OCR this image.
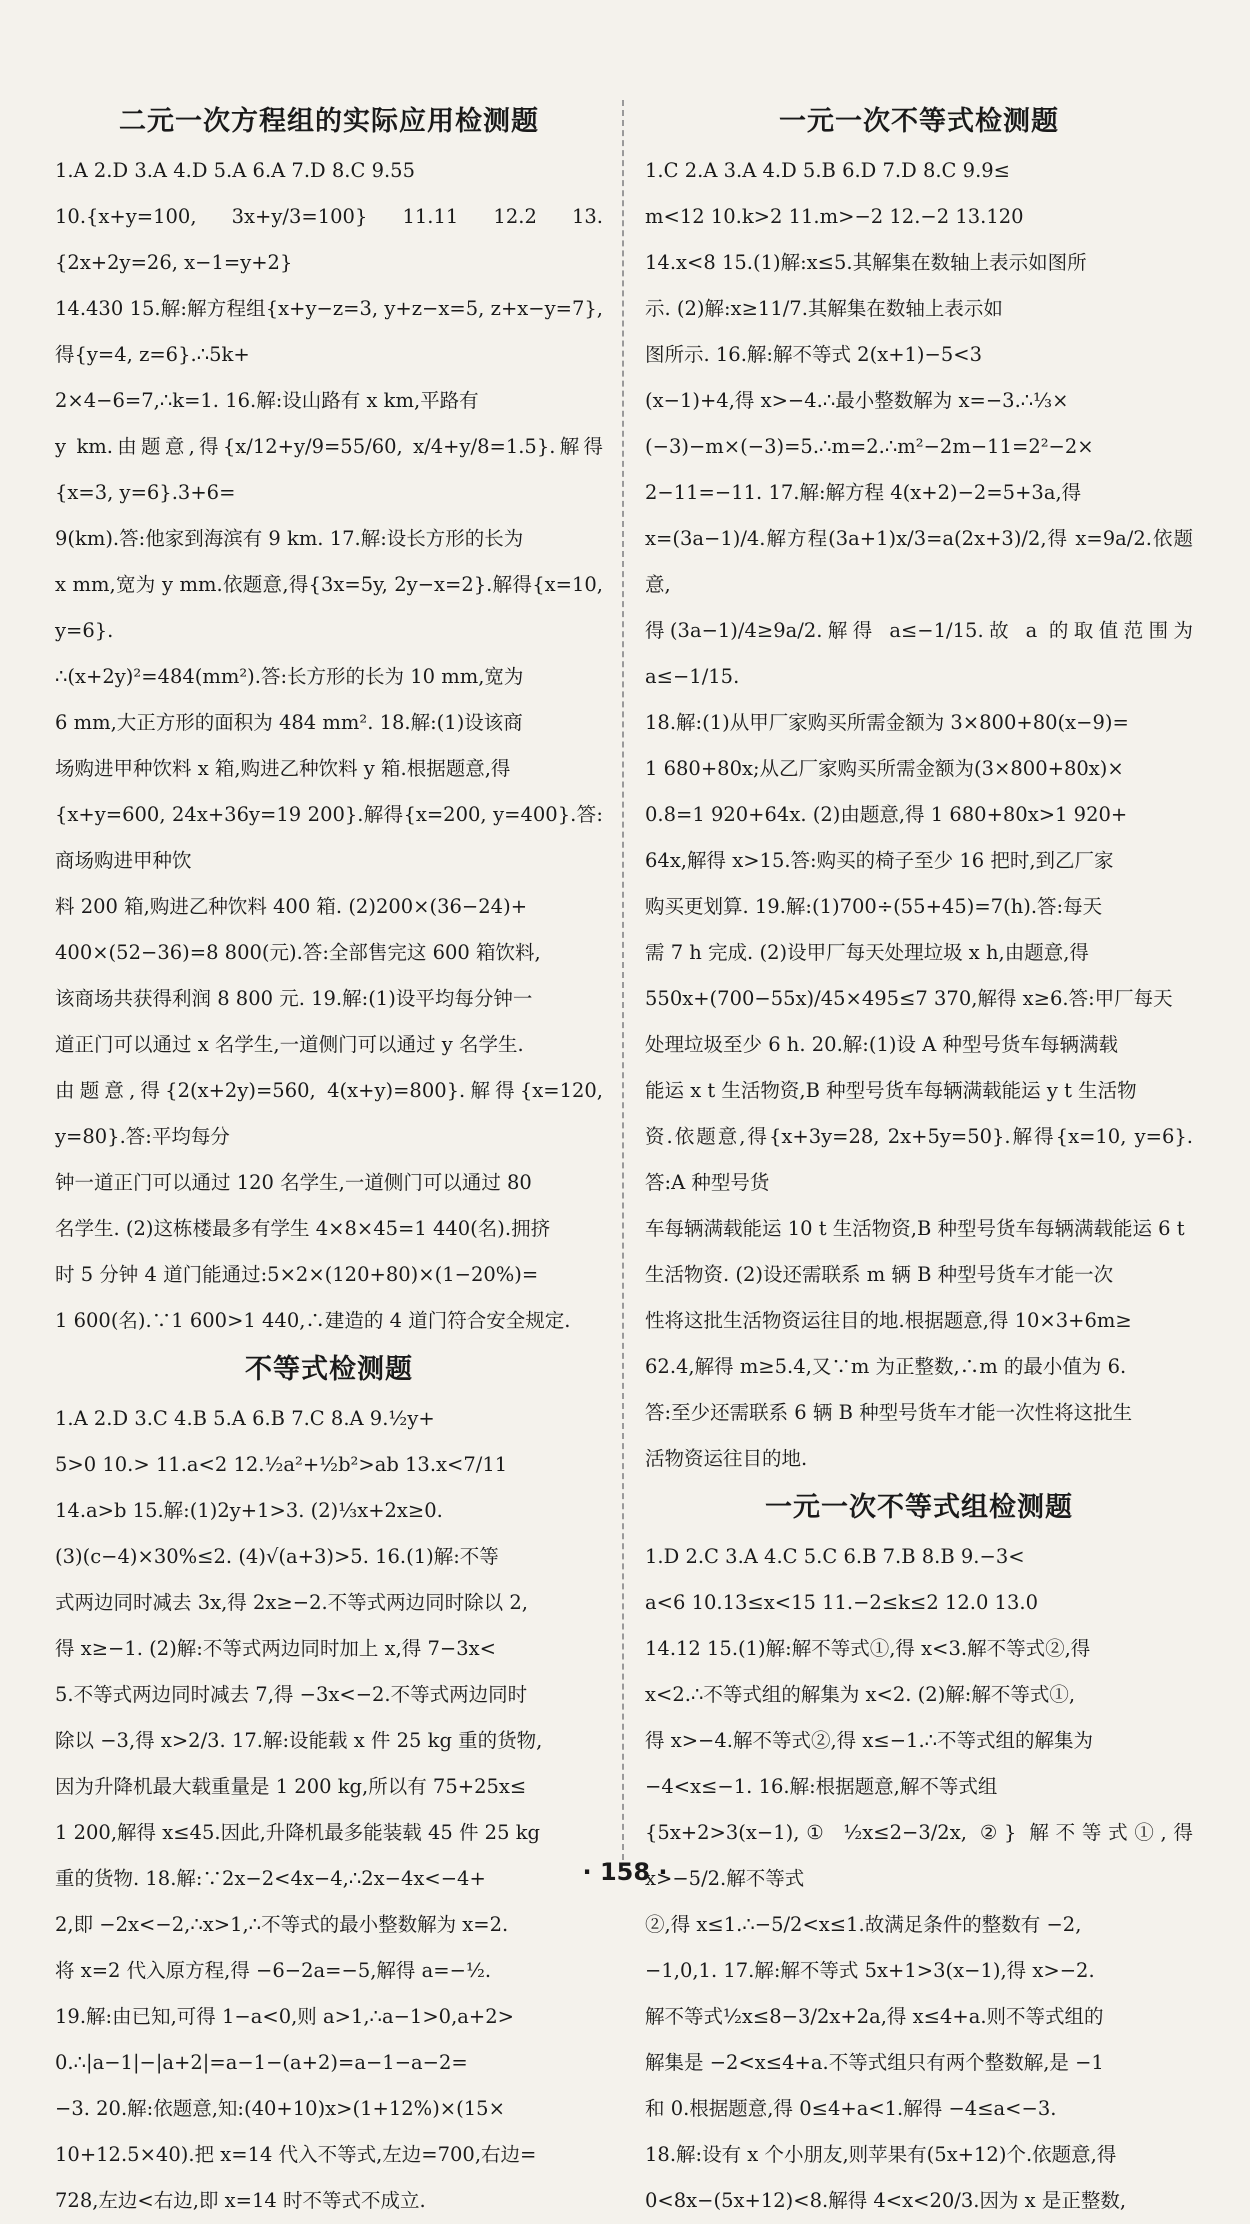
二元一次方程组的实际应用检测题

1.A 2.D 3.A 4.D 5.A 6.A 7.D 8.C 9.55

10.{x+y=100, 3x+y/3=100} 11.11 12.2 13.{2x+2y=26, x−1=y+2}

14.430 15.解:解方程组{x+y−z=3, y+z−x=5, z+x−y=7},得{y=4, z=6}.∴5k+

2×4−6=7,∴k=1. 16.解:设山路有 x km,平路有

y km.由题意,得{x/12+y/9=55/60, x/4+y/8=1.5}.解得{x=3, y=6}.3+6=

9(km).答:他家到海滨有 9 km. 17.解:设长方形的长为

x mm,宽为 y mm.依题意,得{3x=5y, 2y−x=2}.解得{x=10, y=6}.

∴(x+2y)²=484(mm²).答:长方形的长为 10 mm,宽为

6 mm,大正方形的面积为 484 mm². 18.解:(1)设该商

场购进甲种饮料 x 箱,购进乙种饮料 y 箱.根据题意,得

{x+y=600, 24x+36y=19 200}.解得{x=200, y=400}.答:商场购进甲种饮

料 200 箱,购进乙种饮料 400 箱. (2)200×(36−24)+

400×(52−36)=8 800(元).答:全部售完这 600 箱饮料,

该商场共获得利润 8 800 元. 19.解:(1)设平均每分钟一

道正门可以通过 x 名学生,一道侧门可以通过 y 名学生.

由题意,得{2(x+2y)=560, 4(x+y)=800}.解得{x=120, y=80}.答:平均每分

钟一道正门可以通过 120 名学生,一道侧门可以通过 80

名学生. (2)这栋楼最多有学生 4×8×45=1 440(名).拥挤

时 5 分钟 4 道门能通过:5×2×(120+80)×(1−20%)=

1 600(名).∵1 600>1 440,∴建造的 4 道门符合安全规定.

不等式检测题

1.A 2.D 3.C 4.B 5.A 6.B 7.C 8.A 9.½y+

5>0 10.> 11.a<2 12.½a²+½b²>ab 13.x<7/11

14.a>b 15.解:(1)2y+1>3. (2)⅓x+2x≥0.

(3)(c−4)×30%≤2. (4)√(a+3)>5. 16.(1)解:不等

式两边同时减去 3x,得 2x≥−2.不等式两边同时除以 2,

得 x≥−1. (2)解:不等式两边同时加上 x,得 7−3x<

5.不等式两边同时减去 7,得 −3x<−2.不等式两边同时

除以 −3,得 x>2/3. 17.解:设能载 x 件 25 kg 重的货物,

因为升降机最大载重量是 1 200 kg,所以有 75+25x≤

1 200,解得 x≤45.因此,升降机最多能装载 45 件 25 kg

重的货物. 18.解:∵2x−2<4x−4,∴2x−4x<−4+

2,即 −2x<−2,∴x>1,∴不等式的最小整数解为 x=2.

将 x=2 代入原方程,得 −6−2a=−5,解得 a=−½.

19.解:由已知,可得 1−a<0,则 a>1,∴a−1>0,a+2>

0.∴|a−1|−|a+2|=a−1−(a+2)=a−1−a−2=

−3. 20.解:依题意,知:(40+10)x>(1+12%)×(15×

10+12.5×40).把 x=14 代入不等式,左边=700,右边=

728,左边<右边,即 x=14 时不等式不成立.

一元一次不等式检测题

1.C 2.A 3.A 4.D 5.B 6.D 7.D 8.C 9.9≤

m<12 10.k>2 11.m>−2 12.−2 13.120

14.x<8 15.(1)解:x≤5.其解集在数轴上表示如图所

示. (2)解:x≥11/7.其解集在数轴上表示如

图所示. 16.解:解不等式 2(x+1)−5<3

(x−1)+4,得 x>−4.∴最小整数解为 x=−3.∴⅓×

(−3)−m×(−3)=5.∴m=2.∴m²−2m−11=2²−2×

2−11=−11. 17.解:解方程 4(x+2)−2=5+3a,得

x=(3a−1)/4.解方程(3a+1)x/3=a(2x+3)/2,得 x=9a/2.依题意,

得(3a−1)/4≥9a/2.解得 a≤−1/15.故 a 的取值范围为 a≤−1/15.

18.解:(1)从甲厂家购买所需金额为 3×800+80(x−9)=

1 680+80x;从乙厂家购买所需金额为(3×800+80x)×

0.8=1 920+64x. (2)由题意,得 1 680+80x>1 920+

64x,解得 x>15.答:购买的椅子至少 16 把时,到乙厂家

购买更划算. 19.解:(1)700÷(55+45)=7(h).答:每天

需 7 h 完成. (2)设甲厂每天处理垃圾 x h,由题意,得

550x+(700−55x)/45×495≤7 370,解得 x≥6.答:甲厂每天

处理垃圾至少 6 h. 20.解:(1)设 A 种型号货车每辆满载

能运 x t 生活物资,B 种型号货车每辆满载能运 y t 生活物

资.依题意,得{x+3y=28, 2x+5y=50}.解得{x=10, y=6}.答:A 种型号货

车每辆满载能运 10 t 生活物资,B 种型号货车每辆满载能运 6 t

生活物资. (2)设还需联系 m 辆 B 种型号货车才能一次

性将这批生活物资运往目的地.根据题意,得 10×3+6m≥

62.4,解得 m≥5.4,又∵m 为正整数,∴m 的最小值为 6.

答:至少还需联系 6 辆 B 种型号货车才能一次性将这批生

活物资运往目的地.

一元一次不等式组检测题

1.D 2.C 3.A 4.C 5.C 6.B 7.B 8.B 9.−3<

a<6 10.13≤x<15 11.−2≤k≤2 12.0 13.0

14.12 15.(1)解:解不等式①,得 x<3.解不等式②,得

x<2.∴不等式组的解集为 x<2. (2)解:解不等式①,

得 x>−4.解不等式②,得 x≤−1.∴不等式组的解集为

−4<x≤−1. 16.解:根据题意,解不等式组

{5x+2>3(x−1),① ½x≤2−3/2x, ②} 解不等式①,得 x>−5/2.解不等式

②,得 x≤1.∴−5/2<x≤1.故满足条件的整数有 −2,

−1,0,1. 17.解:解不等式 5x+1>3(x−1),得 x>−2.

解不等式½x≤8−3/2x+2a,得 x≤4+a.则不等式组的

解集是 −2<x≤4+a.不等式组只有两个整数解,是 −1

和 0.根据题意,得 0≤4+a<1.解得 −4≤a<−3.

18.解:设有 x 个小朋友,则苹果有(5x+12)个.依题意,得

0<8x−(5x+12)<8.解得 4<x<20/3.因为 x 是正整数,

· 158 ·
